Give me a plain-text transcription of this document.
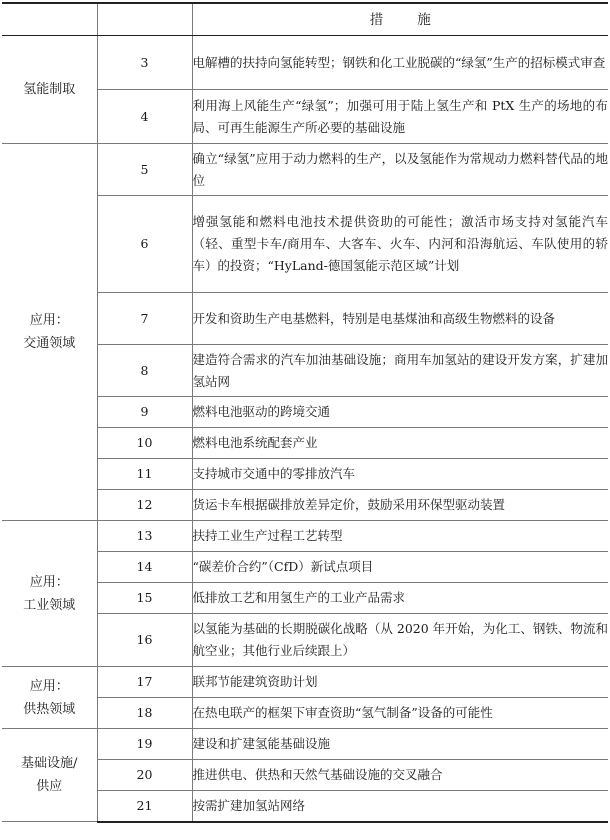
		措施

氢能制取	3	电解槽的扶持向氢能转型；钢铁和化工业脱碳的“绿氢”生产的招标模式审查
	4	利用海上风能生产“绿氢”；加强可用于陆上氢生产和 PtX 生产的场地的布局、可再生能源生产所必要的基础设施

应用：
交通领域	5	确立“绿氢”应用于动力燃料的生产，以及氢能作为常规动力燃料替代品的地位
	6	增强氢能和燃料电池技术提供资助的可能性；激活市场支持对氢能汽车（轻、重型卡车/商用车、大客车、火车、内河和沿海航运、车队使用的轿车）的投资；“HyLand-德国氢能示范区域”计划
	7	开发和资助生产电基燃料，特别是电基煤油和高级生物燃料的设备
	8	建造符合需求的汽车加油基础设施；商用车加氢站的建设开发方案，扩建加氢站网
	9	燃料电池驱动的跨境交通
	10	燃料电池系统配套产业
	11	支持城市交通中的零排放汽车
	12	货运卡车根据碳排放差异定价，鼓励采用环保型驱动装置

应用：
工业领域	13	扶持工业生产过程工艺转型
	14	“碳差价合约”（CfD）新试点项目
	15	低排放工艺和用氢生产的工业产品需求
	16	以氢能为基础的长期脱碳化战略（从 2020 年开始，为化工、钢铁、物流和航空业；其他行业后续跟上）

应用：
供热领域	17	联邦节能建筑资助计划
	18	在热电联产的框架下审查资助“氢气制备”设备的可能性

基础设施/
供应	19	建设和扩建氢能基础设施
	20	推进供电、供热和天然气基础设施的交叉融合
	21	按需扩建加氢站网络
